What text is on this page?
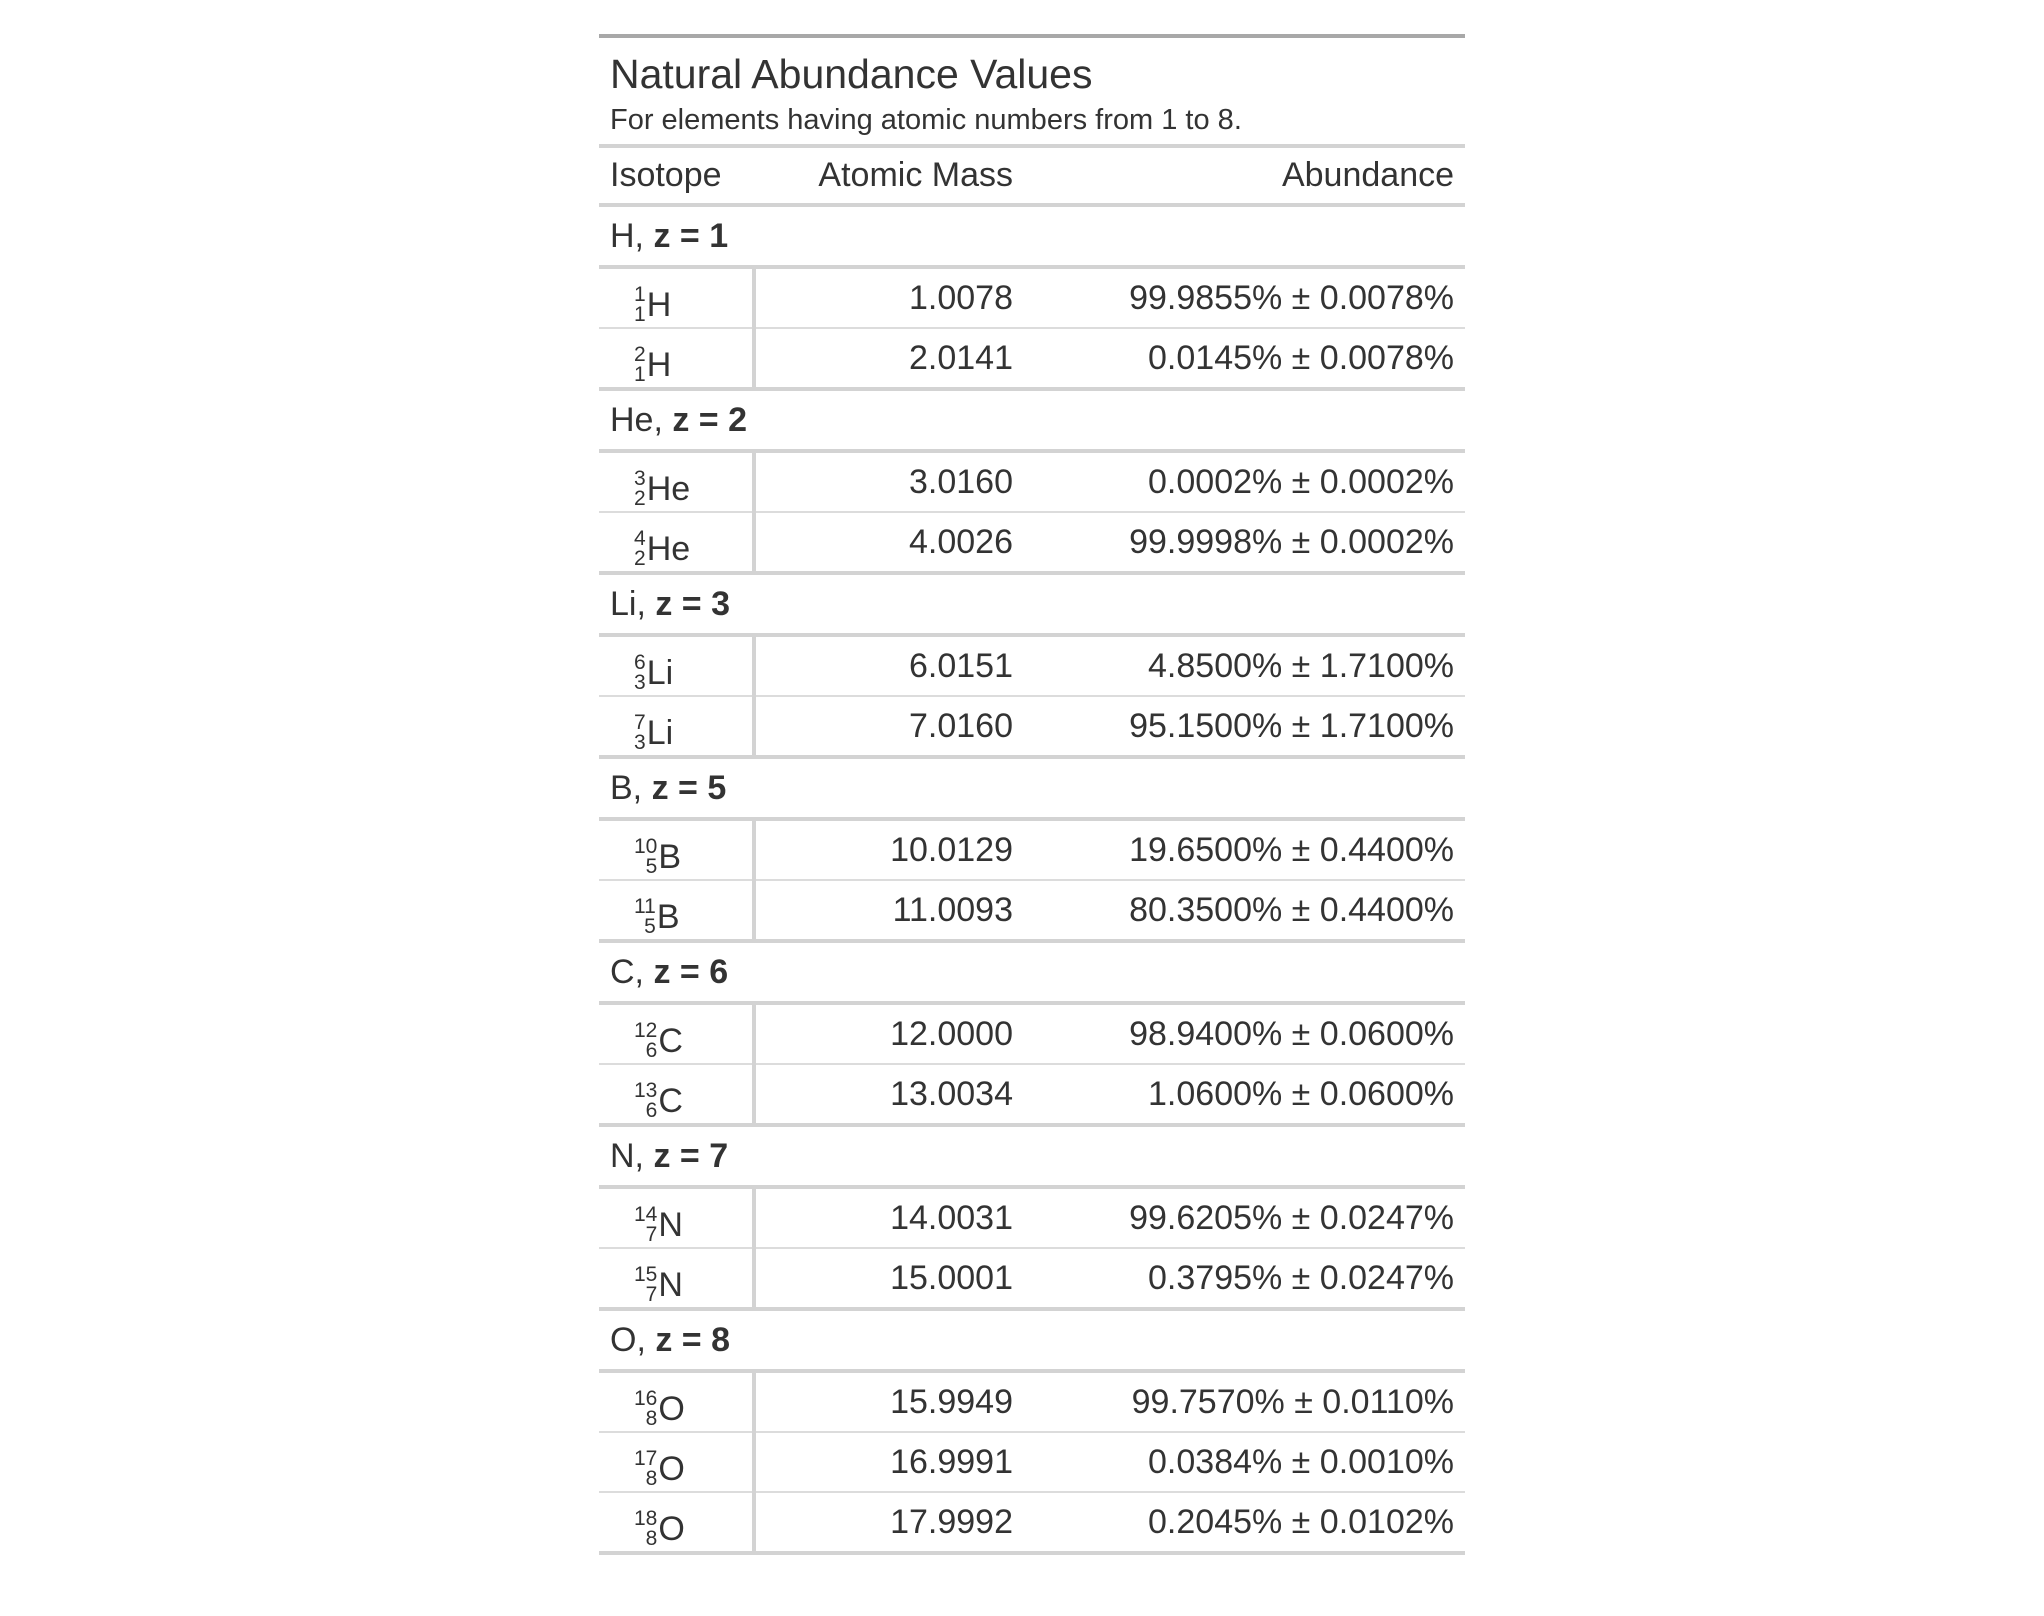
Natural Abundance Values
For elements having atomic numbers from 1 to 8.		

Isotope	Atomic Mass	Abundance
H, z = 1		

1
1 H	1.0078	99.9855% ± 0.0078%

2
1 H	2.0141	0.0145% ± 0.0078%
He, z = 2		

3
2 He	3.0160	0.0002% ± 0.0002%

4
2 He	4.0026	99.9998% ± 0.0002%
Li, z = 3		

6
3 Li	6.0151	4.8500% ± 1.7100%

7
3 Li	7.0160	95.1500% ± 1.7100%
B, z = 5		

10
5 B	10.0129	19.6500% ± 0.4400%

11
5 B	11.0093	80.3500% ± 0.4400%
C, z = 6		

12
6 C	12.0000	98.9400% ± 0.0600%

13
6 C	13.0034	1.0600% ± 0.0600%
N, z = 7		

14
7 N	14.0031	99.6205% ± 0.0247%

15
7 N	15.0001	0.3795% ± 0.0247%
O, z = 8		

16
8 O	15.9949	99.7570% ± 0.0110%

17
8 O	16.9991	0.0384% ± 0.0010%

18
8 O	17.9992	0.2045% ± 0.0102%
